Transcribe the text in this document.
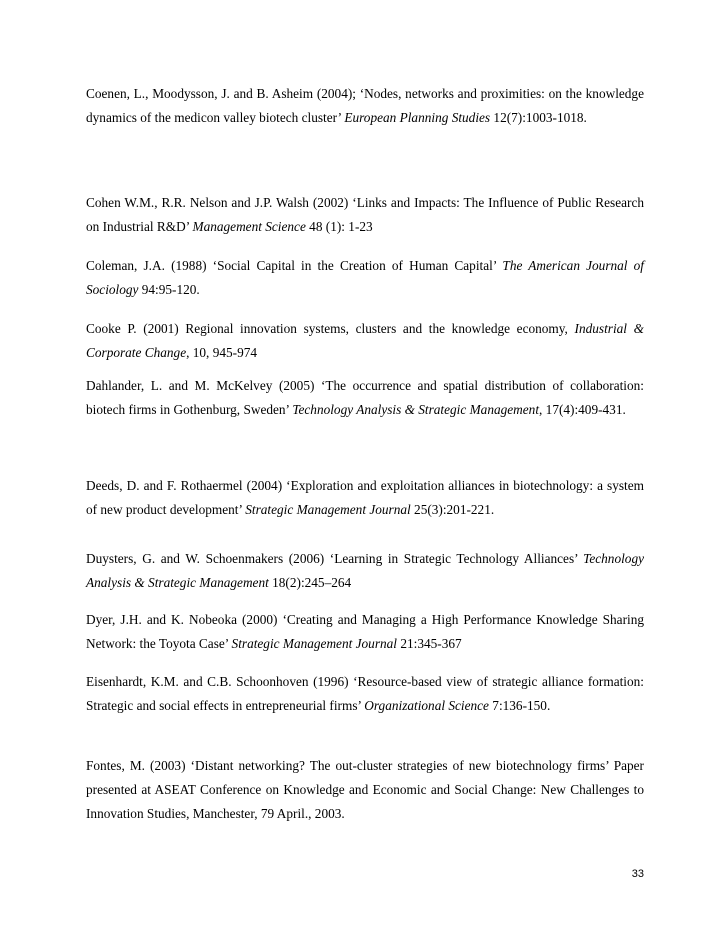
Coenen, L., Moodysson, J. and B. Asheim (2004); ‘Nodes, networks and proximities: on the knowledge dynamics of the medicon valley biotech cluster’ European Planning Studies 12(7):1003-1018.

Cohen W.M., R.R. Nelson and J.P. Walsh (2002) ‘Links and Impacts: The Influence of Public Research on Industrial R&D’ Management Science 48 (1): 1-23

Coleman, J.A. (1988) ‘Social Capital in the Creation of Human Capital’ The American Journal of Sociology 94:95-120.

Cooke P. (2001) Regional innovation systems, clusters and the knowledge economy, Industrial & Corporate Change, 10, 945-974

Dahlander, L. and M. McKelvey (2005) ‘The occurrence and spatial distribution of collaboration: biotech firms in Gothenburg, Sweden’ Technology Analysis & Strategic Management, 17(4):409-431.

Deeds, D. and F. Rothaermel (2004) ‘Exploration and exploitation alliances in biotechnology: a system of new product development’ Strategic Management Journal 25(3):201-221.

Duysters, G. and W. Schoenmakers (2006) ‘Learning in Strategic Technology Alliances’ Technology Analysis & Strategic Management 18(2):245–264

Dyer, J.H. and K. Nobeoka (2000) ‘Creating and Managing a High Performance Knowledge Sharing Network: the Toyota Case’ Strategic Management Journal 21:345-367

Eisenhardt, K.M. and C.B. Schoonhoven (1996) ‘Resource-based view of strategic alliance formation: Strategic and social effects in entrepreneurial firms’ Organizational Science 7:136-150.

Fontes, M. (2003) ‘Distant networking? The out-cluster strategies of new biotechnology firms’ Paper presented at ASEAT Conference on Knowledge and Economic and Social Change: New Challenges to Innovation Studies, Manchester, 79 April., 2003.

33
